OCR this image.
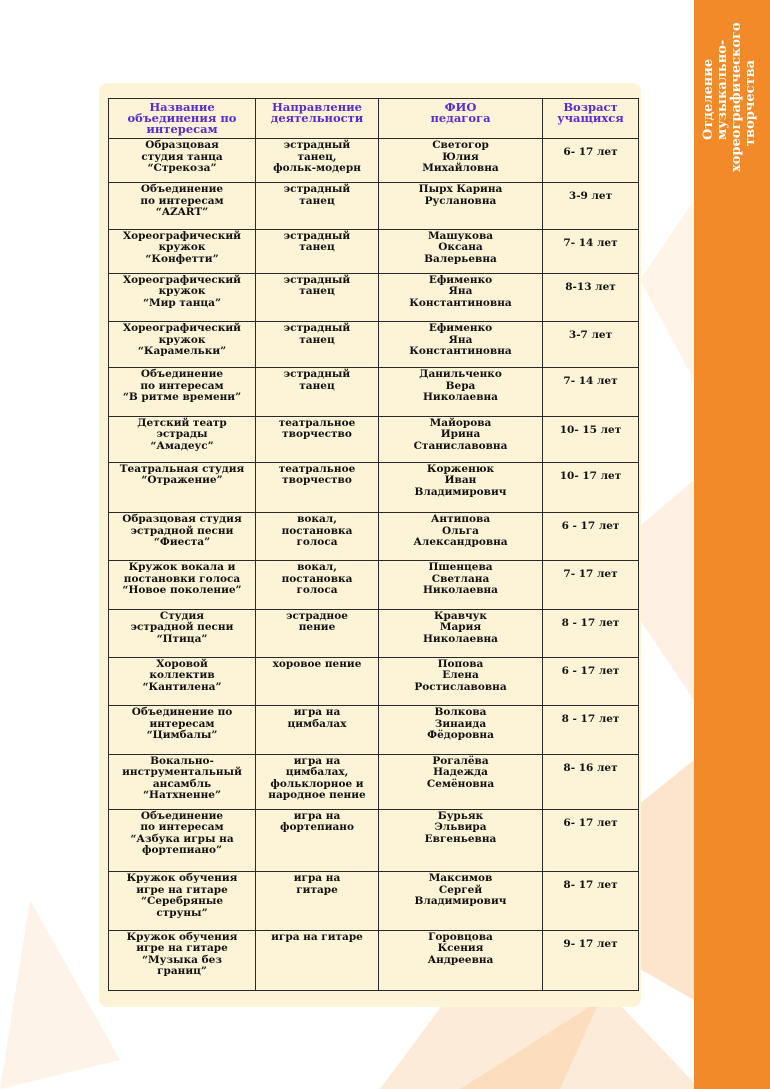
Отделение музыкально- хореографического творчества
Название
объединения по
интересам	Направление
деятельности	ФИО
педагога	Возраст
учащихся

Образцовая
студия танца
“Стрекоза”	эстрадный
танец,
фольк-модерн	Светогор
Юлия
Михайловна	6- 17 лет

Объединение
по интересам
“AZART”	эстрадный
танец	Пырх Карина
Руслановна	3-9 лет

Хореографический
кружок
“Конфетти”	эстрадный
танец	Машукова
Оксана
Валерьевна	7- 14 лет

Хореографический
кружок
“Мир танца”	эстрадный
танец	Ефименко
Яна
Константиновна	8-13 лет

Хореографический
кружок
“Карамельки”	эстрадный
танец	Ефименко
Яна
Константиновна	3-7 лет

Объединение
по интересам
“В ритме времени”	эстрадный
танец	Данильченко
Вера
Николаевна	7- 14 лет

Детский театр
эстрады
“Амадеус”	театральное
творчество	Майорова
Ирина
Станиславовна	10- 15 лет

Театральная студия
“Отражение”	театральное
творчество	Корженюк
Иван
Владимирович	10- 17 лет

Образцовая студия
эстрадной песни
“Фиеста”	вокал,
постановка
голоса	Антипова
Ольга
Александровна	6 - 17 лет

Кружок вокала и
постановки голоса
“Новое поколение”	вокал,
постановка
голоса	Пшенцева
Светлана
Николаевна	7- 17 лет

Студия
эстрадной песни
“Птица”	эстрадное
пение	Кравчук
Мария
Николаевна	8 - 17 лет

Хоровой
коллектив
“Кантилена”	хоровое пение	Попова
Елена
Ростиславовна	6 - 17 лет

Объединение по
интересам
“Цимбалы”	игра на
цимбалах	Волкова
Зинаида
Фёдоровна	8 - 17 лет

Вокально-
инструментальный
ансамбль
“Натхненне”	игра на
цимбалах,
фольклорное и
народное пение	Рогалёва
Надежда
Семёновна	8- 16 лет

Объединение
по интересам
“Азбука игры на
фортепиано”	игра на
фортепиано	Бурьяк
Эльвира
Евгеньевна	6- 17 лет

Кружок обучения
игре на гитаре
“Серебряные
струны”	игра на
гитаре	Максимов
Сергей
Владимирович	8- 17 лет

Кружок обучения
игре на гитаре
“Музыка без
границ”	игра на гитаре	Горовцова
Ксения
Андреевна	9- 17 лет
